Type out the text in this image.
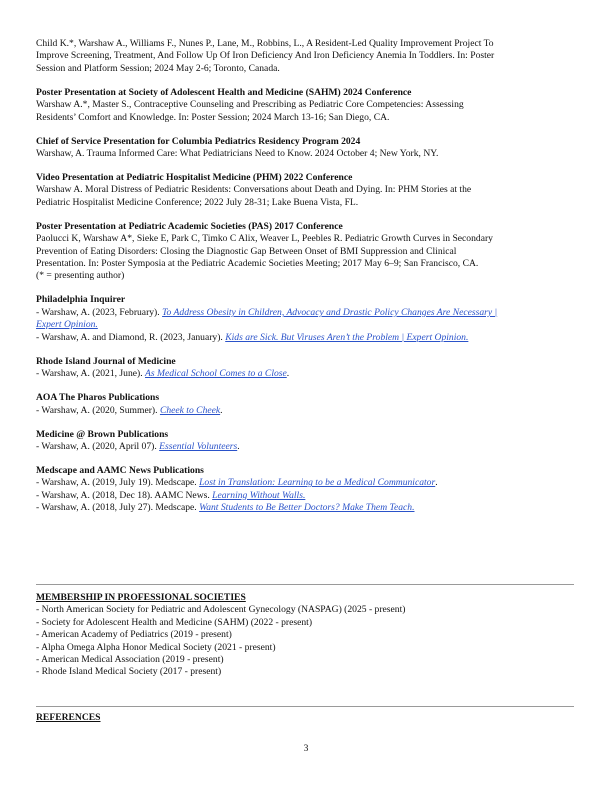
Child K.*, Warshaw A., Williams F., Nunes P., Lane, M., Robbins, L., A Resident-Led Quality Improvement Project To

Improve Screening, Treatment, And Follow Up Of Iron Deficiency And Iron Deficiency Anemia In Toddlers. In: Poster

Session and Platform Session; 2024 May 2-6; Toronto, Canada.

Poster Presentation at Society of Adolescent Health and Medicine (SAHM) 2024 Conference

Warshaw A.*, Master S., Contraceptive Counseling and Prescribing as Pediatric Core Competencies: Assessing

Residents’ Comfort and Knowledge. In: Poster Session; 2024 March 13-16; San Diego, CA.

Chief of Service Presentation for Columbia Pediatrics Residency Program 2024

Warshaw, A. Trauma Informed Care: What Pediatricians Need to Know. 2024 October 4; New York, NY.

Video Presentation at Pediatric Hospitalist Medicine (PHM) 2022 Conference

Warshaw A. Moral Distress of Pediatric Residents: Conversations about Death and Dying. In: PHM Stories at the

Pediatric Hospitalist Medicine Conference; 2022 July 28-31; Lake Buena Vista, FL.

Poster Presentation at Pediatric Academic Societies (PAS) 2017 Conference

Paolucci K, Warshaw A*, Sieke E, Park C, Timko C Alix, Weaver L, Peebles R. Pediatric Growth Curves in Secondary

Prevention of Eating Disorders: Closing the Diagnostic Gap Between Onset of BMI Suppression and Clinical

Presentation. In: Poster Symposia at the Pediatric Academic Societies Meeting; 2017 May 6–9; San Francisco, CA.

(* = presenting author)

Philadelphia Inquirer

- Warshaw, A. (2023, February). To Address Obesity in Children, Advocacy and Drastic Policy Changes Are Necessary |

Expert Opinion.

- Warshaw, A. and Diamond, R. (2023, January). Kids are Sick. But Viruses Aren’t the Problem | Expert Opinion.

Rhode Island Journal of Medicine

- Warshaw, A. (2021, June). As Medical School Comes to a Close.

AOA The Pharos Publications

- Warshaw, A. (2020, Summer). Cheek to Cheek.

Medicine @ Brown Publications

- Warshaw, A. (2020, April 07). Essential Volunteers.

Medscape and AAMC News Publications

- Warshaw, A. (2019, July 19). Medscape. Lost in Translation: Learning to be a Medical Communicator.

- Warshaw, A. (2018, Dec 18). AAMC News. Learning Without Walls.

- Warshaw, A. (2018, July 27). Medscape. Want Students to Be Better Doctors? Make Them Teach.

MEMBERSHIP IN PROFESSIONAL SOCIETIES

- North American Society for Pediatric and Adolescent Gynecology (NASPAG) (2025 - present)

- Society for Adolescent Health and Medicine (SAHM) (2022 - present)

- American Academy of Pediatrics (2019 - present)

- Alpha Omega Alpha Honor Medical Society (2021 - present)

- American Medical Association (2019 - present)

- Rhode Island Medical Society (2017 - present)

REFERENCES

3
